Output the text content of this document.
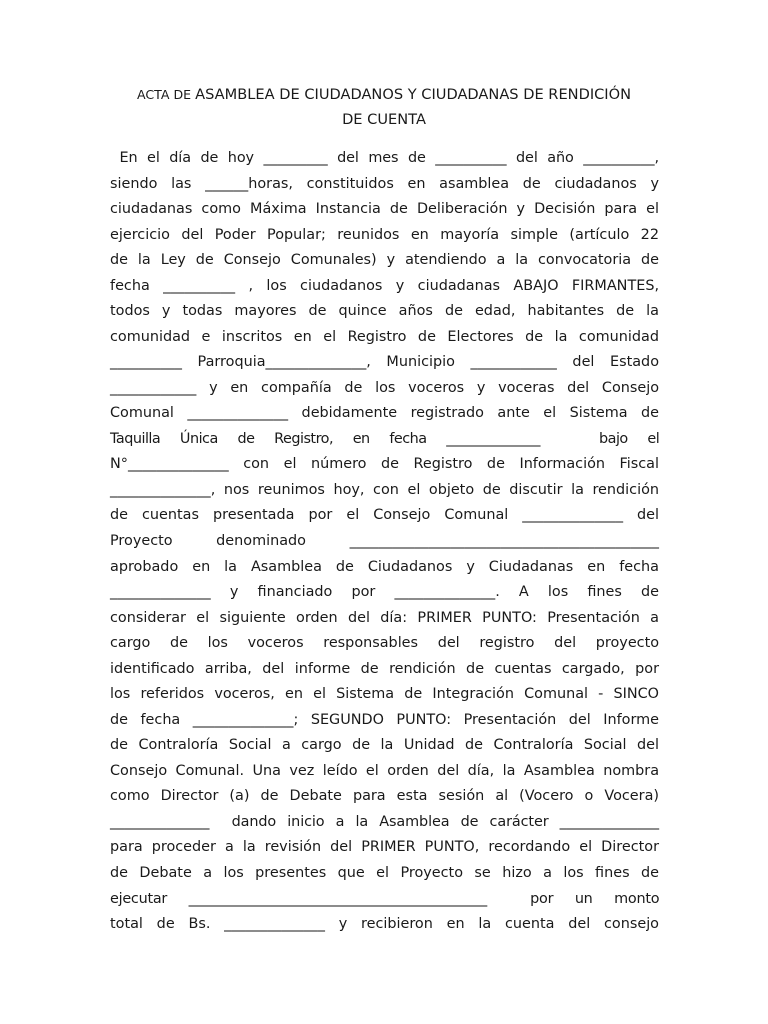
ACTA DE ASAMBLEA DE CIUDADANOS Y CIUDADANAS DE RENDICIÓN
DE CUENTA
En el día de hoy _________ del mes de __________ del año __________,
siendo las ______horas, constituidos en asamblea de ciudadanos y
ciudadanas como Máxima Instancia de Deliberación y Decisión para el
ejercicio del Poder Popular; reunidos en mayoría simple (artículo 22
de la Ley de Consejo Comunales) y atendiendo a la convocatoria de
fecha __________ , los ciudadanos y ciudadanas ABAJO FIRMANTES,
todos y todas mayores de quince años de edad, habitantes de la
comunidad e inscritos en el Registro de Electores de la comunidad
__________ Parroquia______________, Municipio ____________ del Estado
____________ y en compañía de los voceros y voceras del Consejo
Comunal ______________ debidamente registrado ante el Sistema de
Taquilla Única de Registro, en fecha ______________   bajo el
N°______________ con el número de Registro de Información Fiscal
______________, nos reunimos hoy, con el objeto de discutir la rendición
de cuentas presentada por el Consejo Comunal ______________ del
Proyecto denominado ___________________________________________
aprobado en la Asamblea de Ciudadanos y Ciudadanas en fecha
______________ y financiado por ______________. A los fines de
considerar el siguiente orden del día: PRIMER PUNTO: Presentación a
cargo de los voceros responsables del registro del proyecto
identificado arriba, del informe de rendición de cuentas cargado, por
los referidos voceros, en el Sistema de Integración Comunal - SINCO
de fecha ______________; SEGUNDO PUNTO: Presentación del Informe
de Contraloría Social a cargo de la Unidad de Contraloría Social del
Consejo Comunal. Una vez leído el orden del día, la Asamblea nombra
como Director (a) de Debate para esta sesión al (Vocero o Vocera)
______________  dando inicio a la Asamblea de carácter ______________
para proceder a la revisión del PRIMER PUNTO, recordando el Director
de Debate a los presentes que el Proyecto se hizo a los fines de
ejecutar ___________________________________________  por un monto
total de Bs. ______________ y recibieron en la cuenta del consejo
